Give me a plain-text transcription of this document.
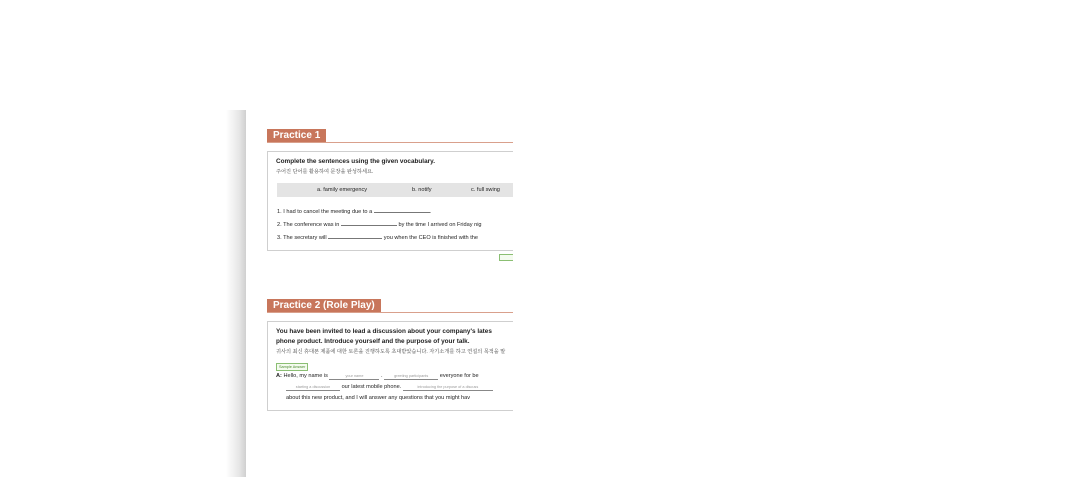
Practice 1
Complete the sentences using the given vocabulary.
주어진 단어를 활용하여 문장을 완성하세요.
a. family emergency	b. notify	c. full swing
1. I had to cancel the meeting due to a	.
2. The conference was in	by the time I arrived on Friday nig
3. The secretary will	you when the CEO is finished with the
Practice 2 (Role Play)
You have been invited to lead a discussion about your company's lates
phone product. Introduce yourself and the purpose of your talk.
귀사의 최신 휴대폰 제품에 대한 토론을 진행하도록 초대받았습니다. 자기소개를 하고 연설의 목적을 말
Sample Answer
A: Hello, my name is	your name	.	greeting participants everyone for be
starting a discussion our latest mobile phone.	introducing the purpose of a discuss
about this new product, and I will answer any questions that you might hav
